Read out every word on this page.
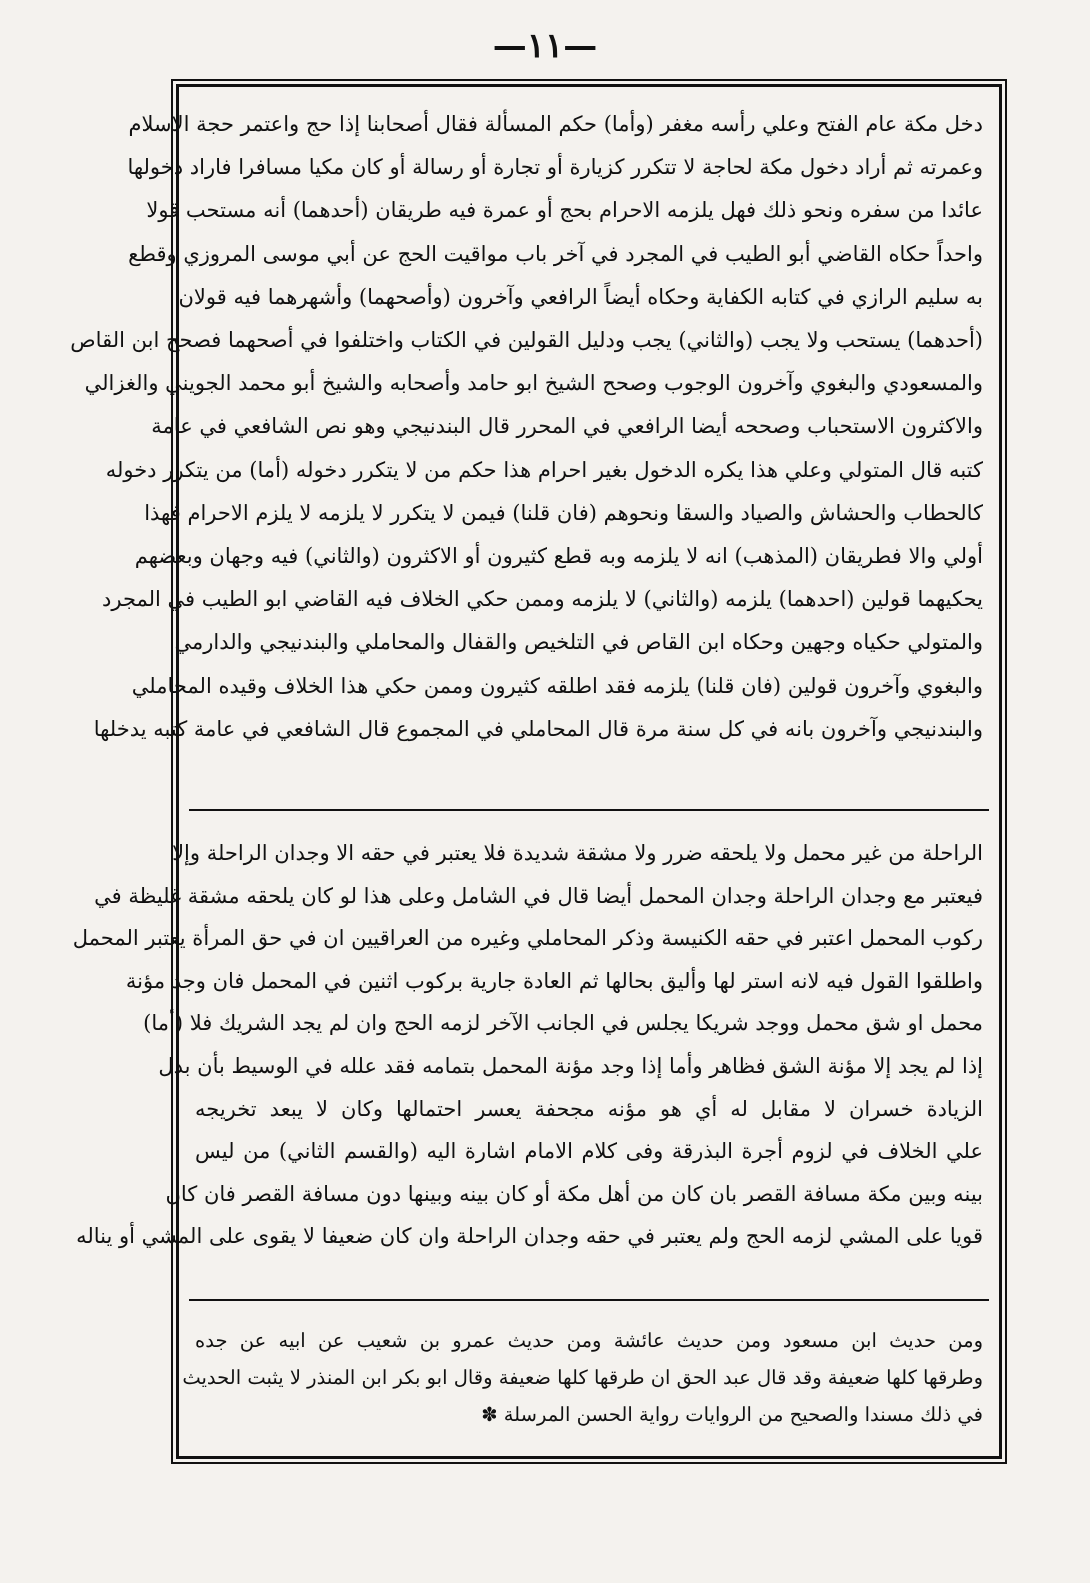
—١١—
دخل مكة عام الفتح وعلي رأسه مغفر (وأما) حكم المسألة فقال أصحابنا إذا حج واعتمر حجة الاسلام
وعمرته ثم أراد دخول مكة لحاجة لا تتكرر كزيارة أو تجارة أو رسالة أو كان مكيا مسافرا فاراد دخولها
عائدا من سفره ونحو ذلك فهل يلزمه الاحرام بحج أو عمرة فيه طريقان (أحدهما) أنه مستحب قولا
واحداً حكاه القاضي أبو الطيب في المجرد في آخر باب مواقيت الحج عن أبي موسى المروزي وقطع
به سليم الرازي في كتابه الكفاية وحكاه أيضاً الرافعي وآخرون (وأصحهما) وأشهرهما فيه قولان
(أحدهما) يستحب ولا يجب (والثاني) يجب ودليل القولين في الكتاب واختلفوا في أصحهما فصحح ابن القاص
والمسعودي والبغوي وآخرون الوجوب وصحح الشيخ ابو حامد وأصحابه والشيخ أبو محمد الجويني والغزالي
والاكثرون الاستحباب وصححه أيضا الرافعي في المحرر قال البندنيجي وهو نص الشافعي في عامة
كتبه قال المتولي وعلي هذا يكره الدخول بغير احرام هذا حكم من لا يتكرر دخوله (أما) من يتكرر دخوله
كالحطاب والحشاش والصياد والسقا ونحوهم (فان قلنا) فيمن لا يتكرر لا يلزمه لا يلزم الاحرام فهذا
أولي والا فطريقان (المذهب) انه لا يلزمه وبه قطع كثيرون أو الاكثرون (والثاني) فيه وجهان وبعضهم
يحكيهما قولين (احدهما) يلزمه (والثاني) لا يلزمه وممن حكي الخلاف فيه القاضي ابو الطيب في المجرد
والمتولي حكياه وجهين وحكاه ابن القاص في التلخيص والقفال والمحاملي والبندنيجي والدارمي
والبغوي وآخرون قولين (فان قلنا) يلزمه فقد اطلقه كثيرون وممن حكي هذا الخلاف وقيده المحاملي
والبندنيجي وآخرون بانه في كل سنة مرة قال المحاملي في المجموع قال الشافعي في عامة كتبه يدخلها
الراحلة من غير محمل ولا يلحقه ضرر ولا مشقة شديدة فلا يعتبر في حقه الا وجدان الراحلة وإلا
فيعتبر مع وجدان الراحلة وجدان المحمل أيضا قال في الشامل وعلى هذا لو كان يلحقه مشقة غليظة في
ركوب المحمل اعتبر في حقه الكنيسة وذكر المحاملي وغيره من العراقيين ان في حق المرأة يعتبر المحمل
واطلقوا القول فيه لانه استر لها وأليق بحالها ثم العادة جارية بركوب اثنين في المحمل فان وجد مؤنة
محمل او شق محمل ووجد شريكا يجلس في الجانب الآخر لزمه الحج وان لم يجد الشريك فلا (أما)
إذا لم يجد إلا مؤنة الشق فظاهر وأما إذا وجد مؤنة المحمل بتمامه فقد علله في الوسيط بأن بذل
الزيادة خسران لا مقابل له أي هو مؤنه مجحفة يعسر احتمالها وكان لا يبعد تخريجه
علي الخلاف في لزوم أجرة البذرقة وفى كلام الامام اشارة اليه (والقسم الثاني) من ليس
بينه وبين مكة مسافة القصر بان كان من أهل مكة أو كان بينه وبينها دون مسافة القصر فان كان
قويا على المشي لزمه الحج ولم يعتبر في حقه وجدان الراحلة وان كان ضعيفا لا يقوى على المشي أو يناله
ومن حديث ابن مسعود ومن حديث عائشة ومن حديث عمرو بن شعيب عن ابيه عن جده
وطرقها كلها ضعيفة وقد قال عبد الحق ان طرقها كلها ضعيفة وقال ابو بكر ابن المنذر لا يثبت الحديث
في ذلك مسندا والصحيح من الروايات رواية الحسن المرسلة ✽
